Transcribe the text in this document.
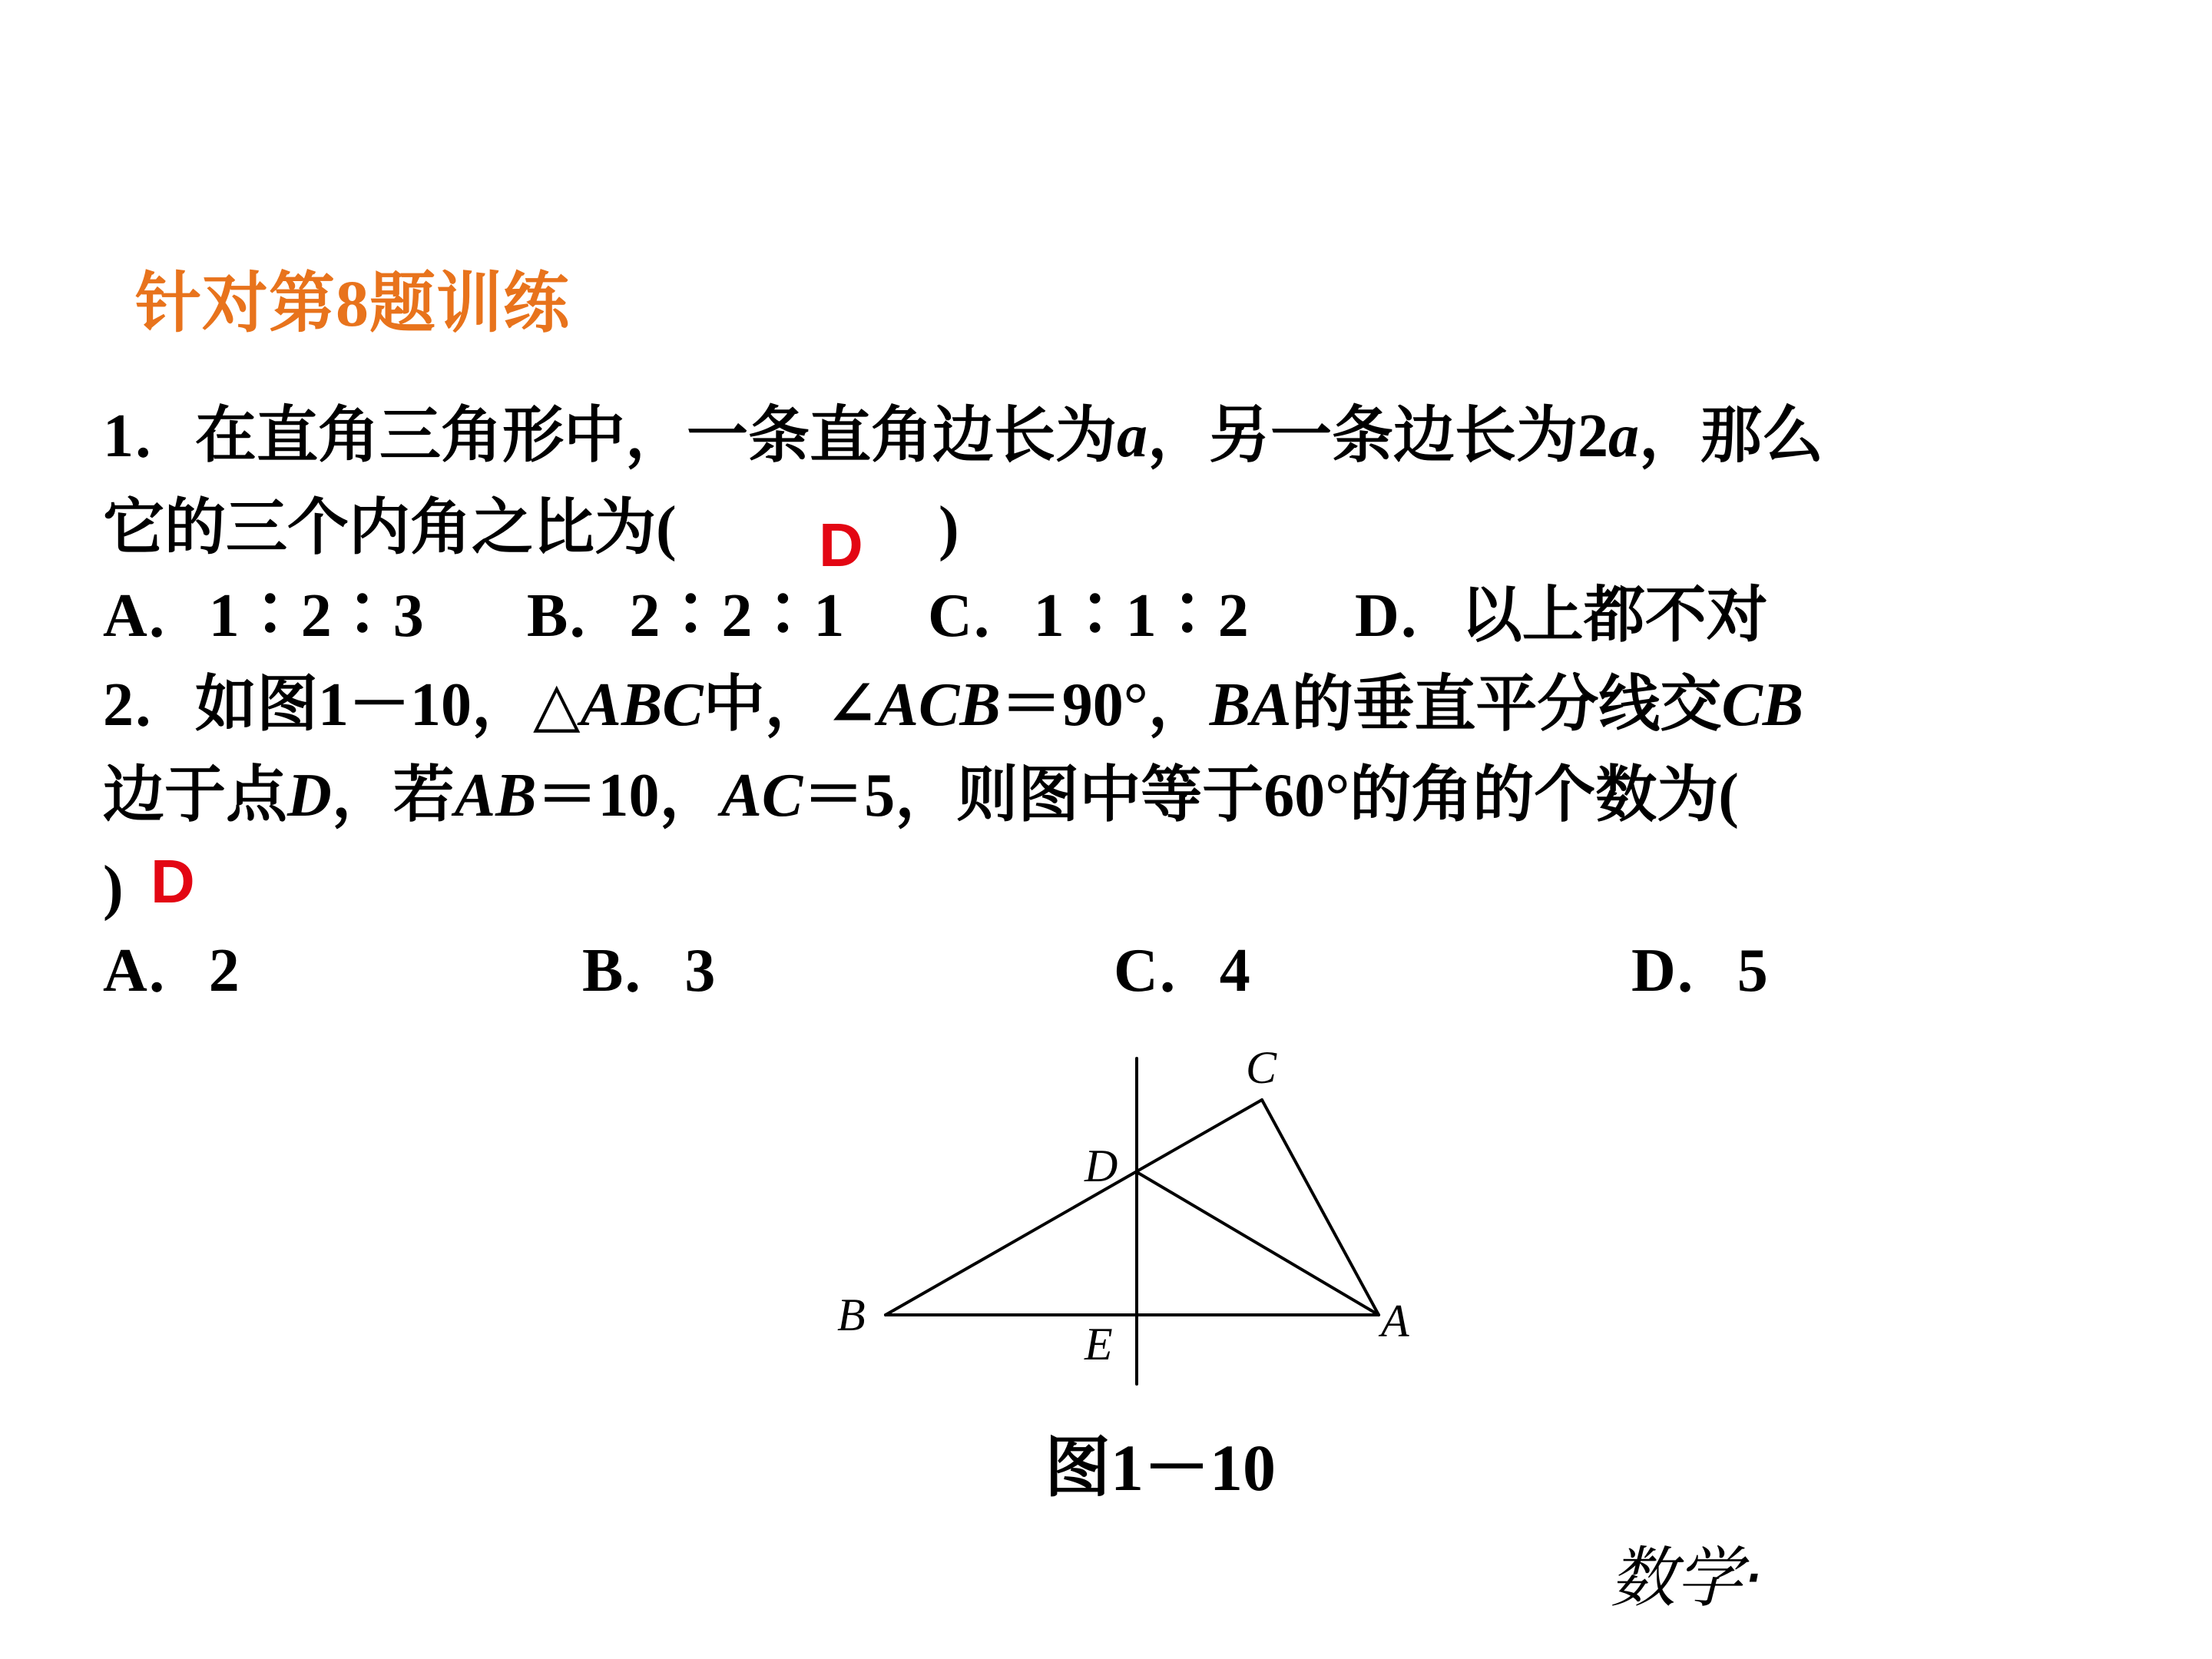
针对第8题训练
1．在直角三角形中，一条直角边长为a，另一条边长为2a，那么
它的三个内角之比为( D )
A．1∶2∶3 B．2∶2∶1 C．1∶1∶2 D．以上都不对
2．如图1－10，△ABC中，∠ACB＝90°，BA的垂直平分线交CB
边于点D，若AB＝10，AC＝5，则图中等于60°的角的个数为(
) D
A．2	B．3	C．4	D．5
B	A
C
D
E
图1－10
数学·
